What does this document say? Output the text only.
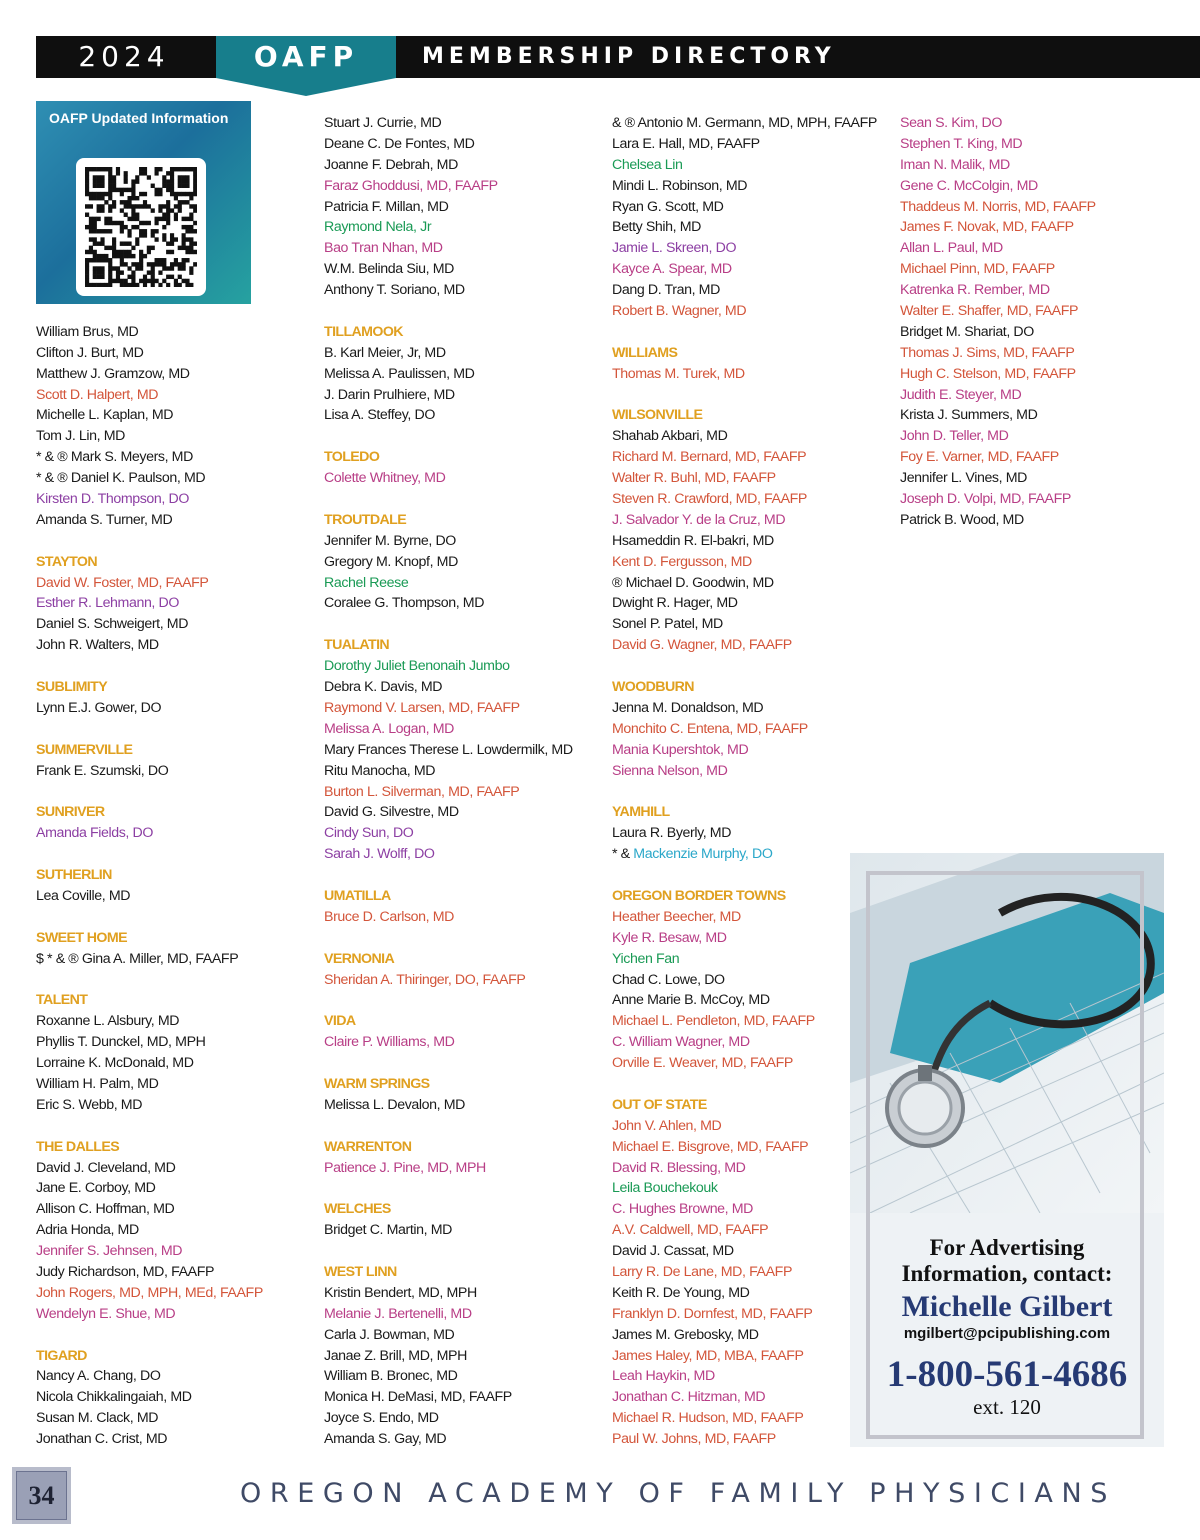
2024	OAFP	MEMBERSHIP DIRECTORY
OAFP Updated Information
William Brus, MD
Clifton J. Burt, MD
Matthew J. Gramzow, MD
Scott D. Halpert, MD
Michelle L. Kaplan, MD
Tom J. Lin, MD
* & ® Mark S. Meyers, MD
* & ® Daniel K. Paulson, MD
Kirsten D. Thompson, DO
Amanda S. Turner, MD
STAYTON
David W. Foster, MD, FAAFP
Esther R. Lehmann, DO
Daniel S. Schweigert, MD
John R. Walters, MD
SUBLIMITY
Lynn E.J. Gower, DO
SUMMERVILLE
Frank E. Szumski, DO
SUNRIVER
Amanda Fields, DO
SUTHERLIN
Lea Coville, MD
SWEET HOME
$ * & ® Gina A. Miller, MD, FAAFP
TALENT
Roxanne L. Alsbury, MD
Phyllis T. Dunckel, MD, MPH
Lorraine K. McDonald, MD
William H. Palm, MD
Eric S. Webb, MD
THE DALLES
David J. Cleveland, MD
Jane E. Corboy, MD
Allison C. Hoffman, MD
Adria Honda, MD
Jennifer S. Jehnsen, MD
Judy Richardson, MD, FAAFP
John Rogers, MD, MPH, MEd, FAAFP
Wendelyn E. Shue, MD
TIGARD
Nancy A. Chang, DO
Nicola Chikkalingaiah, MD
Susan M. Clack, MD
Jonathan C. Crist, MD
Stuart J. Currie, MD
Deane C. De Fontes, MD
Joanne F. Debrah, MD
Faraz Ghoddusi, MD, FAAFP
Patricia F. Millan, MD
Raymond Nela, Jr
Bao Tran Nhan, MD
W.M. Belinda Siu, MD
Anthony T. Soriano, MD
TILLAMOOK
B. Karl Meier, Jr, MD
Melissa A. Paulissen, MD
J. Darin Prulhiere, MD
Lisa A. Steffey, DO
TOLEDO
Colette Whitney, MD
TROUTDALE
Jennifer M. Byrne, DO
Gregory M. Knopf, MD
Rachel Reese
Coralee G. Thompson, MD
TUALATIN
Dorothy Juliet Benonaih Jumbo
Debra K. Davis, MD
Raymond V. Larsen, MD, FAAFP
Melissa A. Logan, MD
Mary Frances Therese L. Lowdermilk, MD
Ritu Manocha, MD
Burton L. Silverman, MD, FAAFP
David G. Silvestre, MD
Cindy Sun, DO
Sarah J. Wolff, DO
UMATILLA
Bruce D. Carlson, MD
VERNONIA
Sheridan A. Thiringer, DO, FAAFP
VIDA
Claire P. Williams, MD
WARM SPRINGS
Melissa L. Devalon, MD
WARRENTON
Patience J. Pine, MD, MPH
WELCHES
Bridget C. Martin, MD
WEST LINN
Kristin Bendert, MD, MPH
Melanie J. Bertenelli, MD
Carla J. Bowman, MD
Janae Z. Brill, MD, MPH
William B. Bronec, MD
Monica H. DeMasi, MD, FAAFP
Joyce S. Endo, MD
Amanda S. Gay, MD
& ® Antonio M. Germann, MD, MPH, FAAFP
Lara E. Hall, MD, FAAFP
Chelsea Lin
Mindi L. Robinson, MD
Ryan G. Scott, MD
Betty Shih, MD
Jamie L. Skreen, DO
Kayce A. Spear, MD
Dang D. Tran, MD
Robert B. Wagner, MD
WILLIAMS
Thomas M. Turek, MD
WILSONVILLE
Shahab Akbari, MD
Richard M. Bernard, MD, FAAFP
Walter R. Buhl, MD, FAAFP
Steven R. Crawford, MD, FAAFP
J. Salvador Y. de la Cruz, MD
Hsameddin R. El-bakri, MD
Kent D. Fergusson, MD
® Michael D. Goodwin, MD
Dwight R. Hager, MD
Sonel P. Patel, MD
David G. Wagner, MD, FAAFP
WOODBURN
Jenna M. Donaldson, MD
Monchito C. Entena, MD, FAAFP
Mania Kupershtok, MD
Sienna Nelson, MD
YAMHILL
Laura R. Byerly, MD
* & Mackenzie Murphy, DO
OREGON BORDER TOWNS
Heather Beecher, MD
Kyle R. Besaw, MD
Yichen Fan
Chad C. Lowe, DO
Anne Marie B. McCoy, MD
Michael L. Pendleton, MD, FAAFP
C. William Wagner, MD
Orville E. Weaver, MD, FAAFP
OUT OF STATE
John V. Ahlen, MD
Michael E. Bisgrove, MD, FAAFP
David R. Blessing, MD
Leila Bouchekouk
C. Hughes Browne, MD
A.V. Caldwell, MD, FAAFP
David J. Cassat, MD
Larry R. De Lane, MD, FAAFP
Keith R. De Young, MD
Franklyn D. Dornfest, MD, FAAFP
James M. Grebosky, MD
James Haley, MD, MBA, FAAFP
Leah Haykin, MD
Jonathan C. Hitzman, MD
Michael R. Hudson, MD, FAAFP
Paul W. Johns, MD, FAAFP
Sean S. Kim, DO
Stephen T. King, MD
Iman N. Malik, MD
Gene C. McColgin, MD
Thaddeus M. Norris, MD, FAAFP
James F. Novak, MD, FAAFP
Allan L. Paul, MD
Michael Pinn, MD, FAAFP
Katrenka R. Rember, MD
Walter E. Shaffer, MD, FAAFP
Bridget M. Shariat, DO
Thomas J. Sims, MD, FAAFP
Hugh C. Stelson, MD, FAAFP
Judith E. Steyer, MD
Krista J. Summers, MD
John D. Teller, MD
Foy E. Varner, MD, FAAFP
Jennifer L. Vines, MD
Joseph D. Volpi, MD, FAAFP
Patrick B. Wood, MD
For Advertising
Information, contact:
Michelle Gilbert
mgilbert@pcipublishing.com
1-800-561-4686
ext. 120
34	OREGON ACADEMY OF FAMILY PHYSICIANS
